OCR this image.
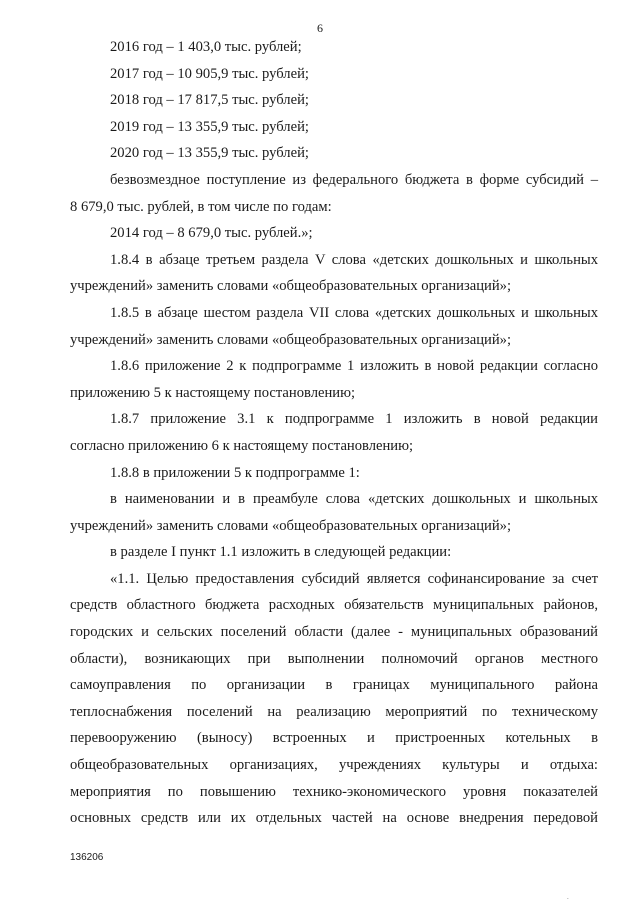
6
2016 год – 1 403,0 тыс. рублей;
2017 год – 10 905,9 тыс. рублей;
2018 год – 17 817,5 тыс. рублей;
2019 год – 13 355,9 тыс. рублей;
2020 год – 13 355,9 тыс. рублей;
безвозмездное поступление из федерального бюджета в форме субсидий –
8 679,0 тыс. рублей, в том числе по годам:
2014 год – 8 679,0 тыс. рублей.»;
1.8.4 в абзаце третьем раздела V слова «детских дошкольных и школьных
учреждений» заменить словами «общеобразовательных организаций»;
1.8.5 в абзаце шестом раздела VII слова «детских дошкольных и школьных
учреждений» заменить словами «общеобразовательных организаций»;
1.8.6 приложение 2 к подпрограмме 1 изложить в новой редакции согласно
приложению 5 к настоящему постановлению;
1.8.7 приложение 3.1 к подпрограмме 1 изложить в новой редакции
согласно приложению 6 к настоящему постановлению;
1.8.8 в приложении 5 к подпрограмме 1:
в наименовании и в преамбуле слова «детских дошкольных и школьных
учреждений» заменить словами «общеобразовательных организаций»;
в разделе I пункт 1.1 изложить в следующей редакции:
«1.1. Целью предоставления субсидий является софинансирование за счет
средств областного бюджета расходных обязательств муниципальных районов,
городских и сельских поселений области (далее - муниципальных образований
области), возникающих при выполнении полномочий органов местного
самоуправления по организации в границах муниципального района
теплоснабжения поселений на реализацию мероприятий по техническому
перевооружению (выносу) встроенных и пристроенных котельных в
общеобразовательных организациях, учреждениях культуры и отдыха:
мероприятия по повышению технико-экономического уровня показателей
основных средств или их отдельных частей на основе внедрения передовой
136206
.
